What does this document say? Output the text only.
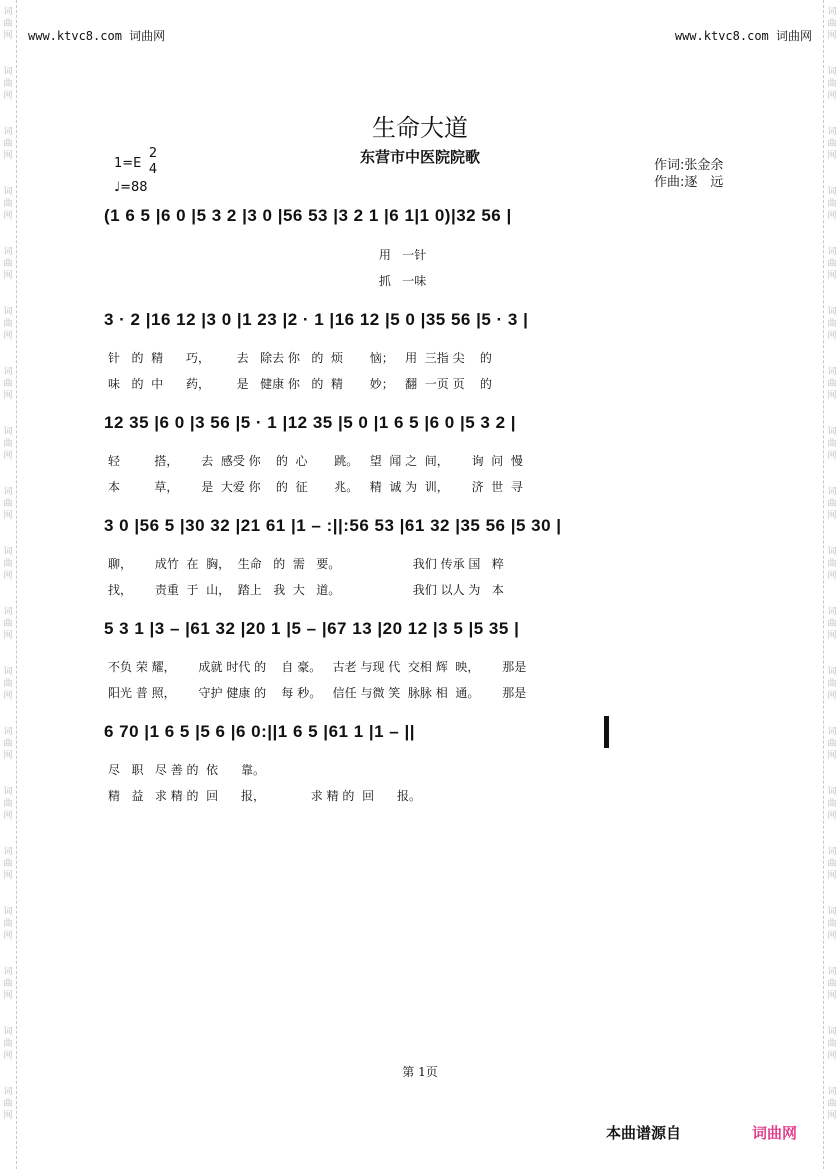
词曲网
词曲网
词曲网
词曲网
词曲网
词曲网
词曲网
词曲网
词曲网
词曲网
词曲网
词曲网
词曲网
词曲网
词曲网
词曲网
词曲网
词曲网
词曲网
词曲网
词曲网
词曲网
词曲网
词曲网
词曲网
词曲网
词曲网
词曲网
词曲网
词曲网
词曲网
词曲网
词曲网
词曲网
词曲网
词曲网
词曲网
词曲网
www.ktvc8.com 词曲网	www.ktvc8.com 词曲网
生命大道
东营市中医院院歌
1=E
2
4
♩=88
作词:张金余
作曲:逐　远
(1 6 5 |6 0 |5 3 2 |3 0 |56 53 |3 2 1 |6 1|1 0)|32 56 |
用   一针
抓   一味
3 · 2 |16 12 |3 0 |1 23 |2 · 1 |16 12 |5 0 |35 56 |5 · 3 |
针   的  精      巧，       去   除去 你   的  烦       恼；   用  三指 尖    的
味   的  中      药，       是   健康 你   的  精       妙；   翻  一页 页    的
12 35 |6 0 |3 56 |5 · 1 |12 35 |5 0 |1 6 5 |6 0 |5 3 2 |
轻         搭，      去  感受 你    的  心       跳。   望  闻 之  间，      询  问  慢
本         草，      是  大爱 你    的  征       兆。   精  诚 为  训，      济  世  寻
3 0 |56 5 |30 32 |21 61 |1 – :||:56 53 |61 32 |35 56 |5 30 |
聊，      成竹  在  胸，  生命   的  需   要。                   我们 传承 国   粹
找，      责重  于  山，  踏上   我  大   道。                   我们 以人 为   本
5 3 1 |3 – |61 32 |20 1 |5 – |67 13 |20 12 |3 5 |5 35 |
不负 荣 耀，      成就 时代 的    自 豪。   古老 与现 代  交相 辉  映，      那是
阳光 普 照，      守护 健康 的    每 秒。   信任 与微 笑  脉脉 相  通。      那是
6 70 |1 6 5 |5 6 |6 0:||1 6 5 |61 1 |1 – ||
尽   职   尽 善 的  依      靠。
精   益   求 精 的  回      报，            求 精 的  回      报。
第 1页
本曲谱源自	词曲网
